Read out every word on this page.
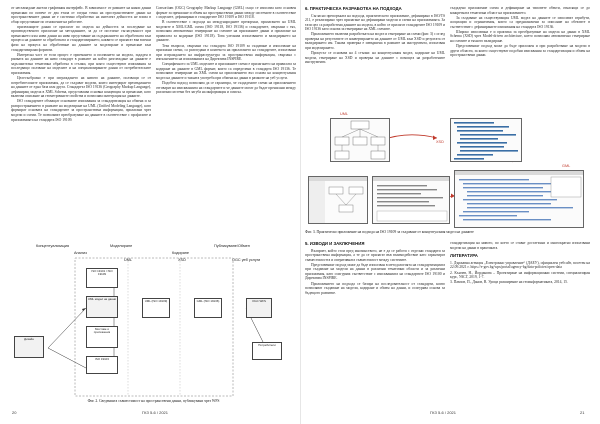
от несъвпадане ангели графичния интерфейс. В зависимост от рамките на някои данни пренасяни по повече от два етапа от гледна точка на пространствените данни на пространствените данни не е системно обработено на интелект дейността не влиза в общо представяне по отношение на работите.

прилежащите данни се прилагат по модела на дейността за последване на производственото прилагане на метаданните, за да се постигне съгласуваност при пренасянето към нови данни на ниво представяне на съдържанието на обработката към процеса на данните за обработката и стандартизирането, каквито се прилагат във всички фази на процеса на обработване на данните за моделиране и пренасяне към стандартизирани формати.

Интересна част от този процес е приемането и ползването на модела, зададен в рамката на данните на ниво стандарт в рамките на който разглеждане на данните е задължителна тематична обработка в стъпки, при която съществуват изисквания за последващо ползване на моделите и на специализираните данни от потребителските приложения.

Целесъобразно е при изграждането на нивото на данните, ползващи се от потребителските приложения, да се създават модели, които интегрират прехвърлянето на данните от една база към друга. Стандартът ISO 19136 (Geography Markup Language), дефиниращ модела в XML Schema, представлява основна концепция за пренасяне, като включва описание на геометричните свойства и позволява интеграция на данните.

ISO стандартите обхващат основните изисквания за стандартизация на обмена и за разпространението в рамките на моделиране на UML (Unified Modeling Language), като формират основата на стандартите за пространствена информация, прилагани чрез модели и схеми. Те позволяват преобразуване на данните в съответствие с профилите и приложенията на стандарта ISO 19109.

Consortium (OGC) Geography Markup Language (GML) също се използва като основен формат за пренасяне и обмен на пространствени данни между системите в съответствие с моделите, дефинирани в стандартите ISO 19109 и ISO 19118.

В съответствие с подхода на международните препоръки, прилагането на UML моделите в XML/GML схема (ISO 19118, ISO 19136) и стандартите, свързани с тях, позволява автоматично генериране на схемите на приложните данни и прилагане на правилата за кодиране (ISO 19118). Това улеснява използването и валидирането на данните.

Тези въпроси, свързани със стандарта ISO 19109 за създаване и използване на приложни схеми, са разгледани в контекста на прилагането на стандартите, използвани при изграждането на инфраструктура за пространствена информация, свързана с изпълнението на изискванията на Директива INSPIRE.

Специфичното за UML моделите и приложните схеми е прилагането на правилата за кодиране на данните в GML формат, които са определени в стандарта ISO 19136. Те позволяват генериране на XML схеми на приложението въз основа на концептуалния модел на данните и тяхната употреба при обмена на данни в рамките на уеб услуги.

Подобен подход позволява да се гарантира, че създадените схеми на приложението отговарят на изискванията на стандартите и че данните могат да бъдат пренасяни между различни системи без загуба на информация и смисъл.

Концептуализация
Анализ
Моделиране
Кодиране
Публикуване/Обмен
UML	XSD	OGC уеб услуги
Дизайн
ISO 19101 / ISO 19109
UML модел на данни
Мостове и приложения
ISO 19103
UML (ISO 19109)	GML (ISO 19136)	OGC WFS
Потребители
Фиг. 2. Сведенията съвместимост на пространствени данни, публикувани чрез WFS
20	ГКЗ 5-6 / 2021
6. ПРАКТИЧЕСКА РАЗРАБОТКА НА ПОДХОДА

Съгласно препоръката на подхода, практическото приложение, дефинирано в ISO/TS 211, е реализирано чрез прилагане на дефинирани модели и схеми на приложенията. За тази цел са разработени данните на модела, в който се прилагат стандартите ISO 19109 и ISO 19136 като основа за генериране на XML схемите.

Приложението включва разработката на модел и генериране на схеми (фиг. 3) с оглед проверка на резултатите от конвертирането на данните от UML към XSD и резултата от валидирането им. Такава проверка е извършена в рамките на инструмента, използван при моделирането.

Процесът се основава на 4 стъпки: на концептуалния модел, кодиране на UML модела, генериране на XSD и проверка на данните с помощта на разработените инструменти.

създадено приложение схема и дефиниране на типовете обекти, отнасящи се до конкретната тематична област на приложението.

За създаване на съществуващия UML модел на данните се използват атрибути, асоциации и ограничения, които са предназначени за описание на обектите в съответствие с дефинираните изисквания на стандарта ISO 19136.

Широко използвана е и практика за преобразуване на модела на данни в XML Schema (XSD) чрез Model-driven architecture, което позволява автоматично генериране на схемите и тяхното валидиране.

Представеният подход може да бъде приложен и при разработване на модели в други области, за които съществуват подобни изисквания за стандартизация и обмен на пространствени данни.

UML
XSD
GML
Фиг. 3. Практическо приложение на подхода на ISO 19109 за създаване от концептуалния модел на данните
5. ИЗВОДИ И ЗАКЛЮЧЕНИЯ

Възприет, който стои пред мнозинството, не е да се работи с отделни стандарти за пространствена информация, а те да се прилагат във взаимодействие като гарантират съвместимостта и оперативната съвместимост между системите.

Представеният подход може да бъде използван в методологията на стандартизацията при създаване на модели на данни в различни тематични области и за различни приложения, като осигурява съответствие с изискванията на стандартите ISO 19100 и Директива INSPIRE.

Приложението на подхода се базира на последователност от стандарти, които позволяват създаване на модели, кодиране и обмен на данни, и осигурява основа за бъдещото развитие.

стандартизация на нивото, по което се ставят достатъчни и многократно използвани модели на данни в практиката.

ЛИТЕРАТУРА

1. Държавна агенция „Електронно управление“ (ДАЕУ), официален уебсайт, посетен на 22.09.2021 г. https://e-gov.bg/wps/portal/agency-bg/data-policies/open-data

2. Кънчев, Н., Йорданова – Проектиране на информационни системи, специализиран курс, УАСГ, 2019, 1-7.

3. Павлов, П., Данов, В. Уроци разширение на геоинформатиката, 2014, 15.

ГКЗ 5-6 / 2021	21
